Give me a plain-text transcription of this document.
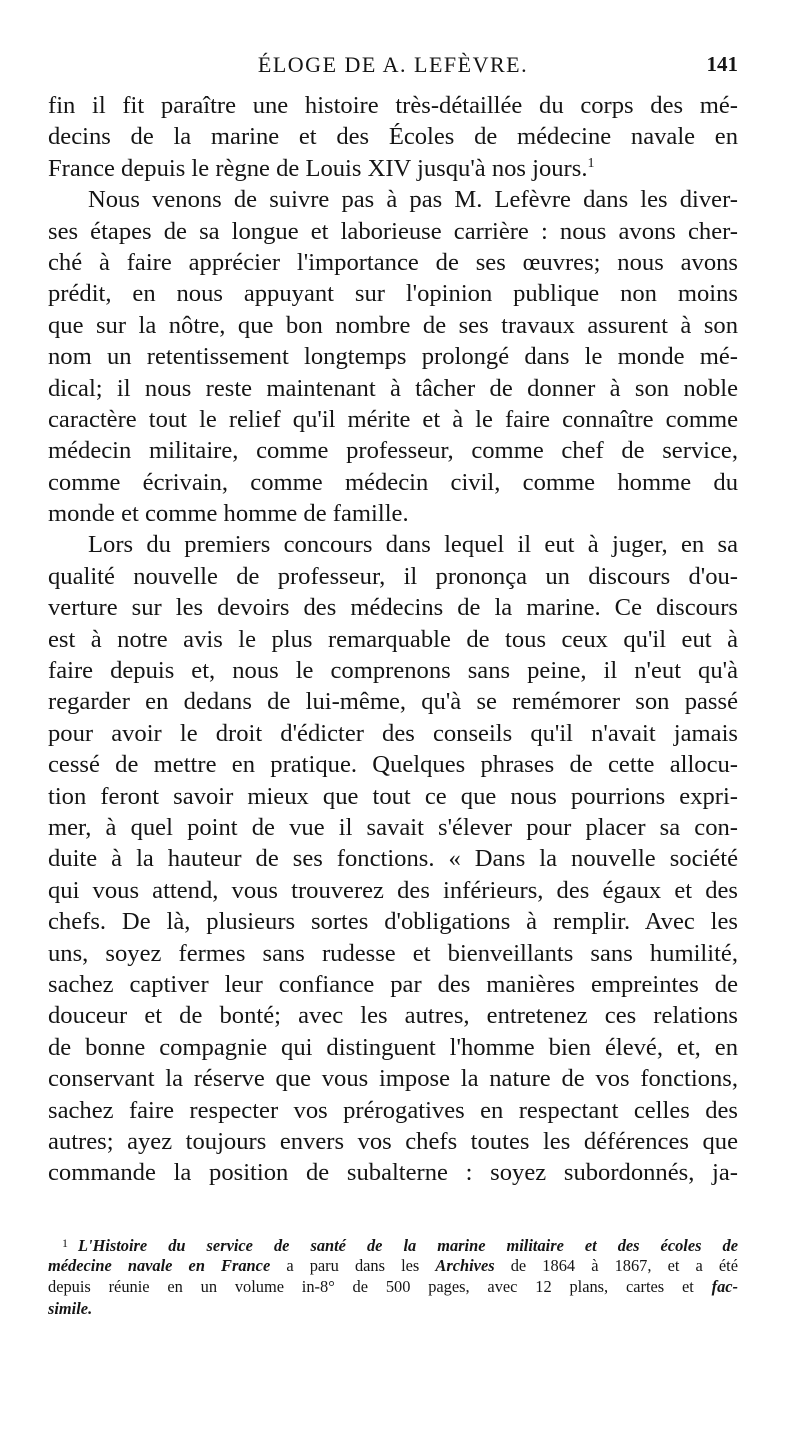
ÉLOGE DE A. LEFÈVRE.	141
fin il fit paraître une histoire très-détaillée du corps des mé-
decins de la marine et des Écoles de médecine navale en
France depuis le règne de Louis XIV jusqu'à nos jours.$^1$
Nous venons de suivre pas à pas M. Lefèvre dans les diver-
ses étapes de sa longue et laborieuse carrière : nous avons cher-
ché à faire apprécier l'importance de ses œuvres; nous avons
prédit, en nous appuyant sur l'opinion publique non moins
que sur la nôtre, que bon nombre de ses travaux assurent à son
nom un retentissement longtemps prolongé dans le monde mé-
dical; il nous reste maintenant à tâcher de donner à son noble
caractère tout le relief qu'il mérite et à le faire connaître comme
médecin militaire, comme professeur, comme chef de service,
comme écrivain, comme médecin civil, comme homme du
monde et comme homme de famille.
Lors du premiers concours dans lequel il eut à juger, en sa
qualité nouvelle de professeur, il prononça un discours d'ou-
verture sur les devoirs des médecins de la marine. Ce discours
est à notre avis le plus remarquable de tous ceux qu'il eut à
faire depuis et, nous le comprenons sans peine, il n'eut qu'à
regarder en dedans de lui-même, qu'à se remémorer son passé
pour avoir le droit d'édicter des conseils qu'il n'avait jamais
cessé de mettre en pratique. Quelques phrases de cette allocu-
tion feront savoir mieux que tout ce que nous pourrions expri-
mer, à quel point de vue il savait s'élever pour placer sa con-
duite à la hauteur de ses fonctions. « Dans la nouvelle société
qui vous attend, vous trouverez des inférieurs, des égaux et des
chefs. De là, plusieurs sortes d'obligations à remplir. Avec les
uns, soyez fermes sans rudesse et bienveillants sans humilité,
sachez captiver leur confiance par des manières empreintes de
douceur et de bonté; avec les autres, entretenez ces relations
de bonne compagnie qui distinguent l'homme bien élevé, et, en
conservant la réserve que vous impose la nature de vos fonctions,
sachez faire respecter vos prérogatives en respectant celles des
autres; ayez toujours envers vos chefs toutes les déférences que
commande la position de subalterne : soyez subordonnés, ja-
$^1$ L'Histoire du service de santé de la marine militaire et des écoles de
médecine navale en France a paru dans les Archives de 1864 à 1867, et a été
depuis réunie en un volume in-8° de 500 pages, avec 12 plans, cartes et fac-
simile.
